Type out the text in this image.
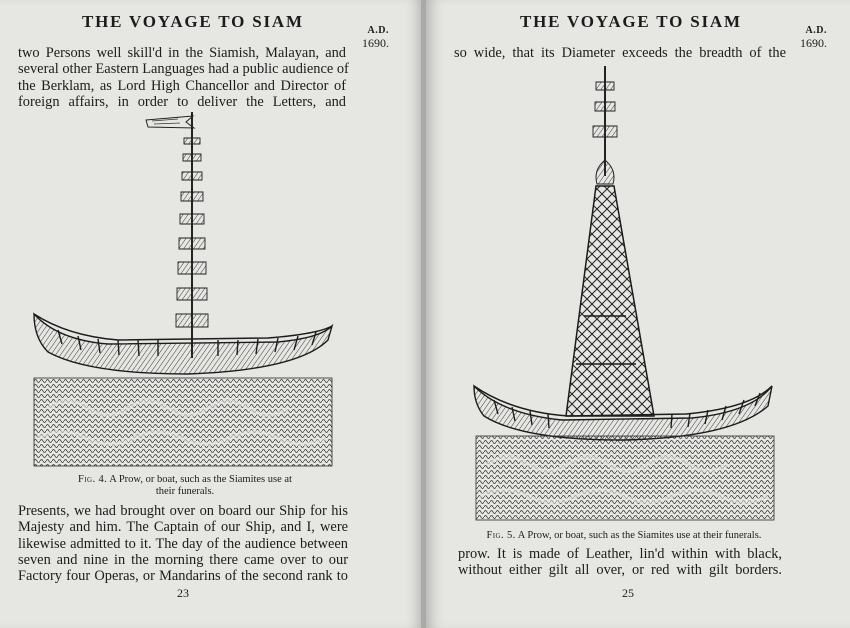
THE VOYAGE TO SIAM	A.D.
1690.
two Persons well skill'd in the Siamish, Malayan, and
several other Eastern Languages had a public audience of
the Berklam, as Lord High Chancellor and Director of
foreign affairs, in order to deliver the Letters, and
Fig. 4. A Prow, or boat, such as the Siamites use at
their funerals.
Presents, we had brought over on board our Ship for his
Majesty and him. The Captain of our Ship, and I, were
likewise admitted to it. The day of the audience between
seven and nine in the morning there came over to our
Factory four Operas, or Mandarins of the second rank to
23
THE VOYAGE TO SIAM	A.D.
1690.
so wide, that its Diameter exceeds the breadth of the
Fig. 5. A Prow, or boat, such as the Siamites use at their funerals.
prow. It is made of Leather, lin'd within with black,
without either gilt all over, or red with gilt borders.
25
